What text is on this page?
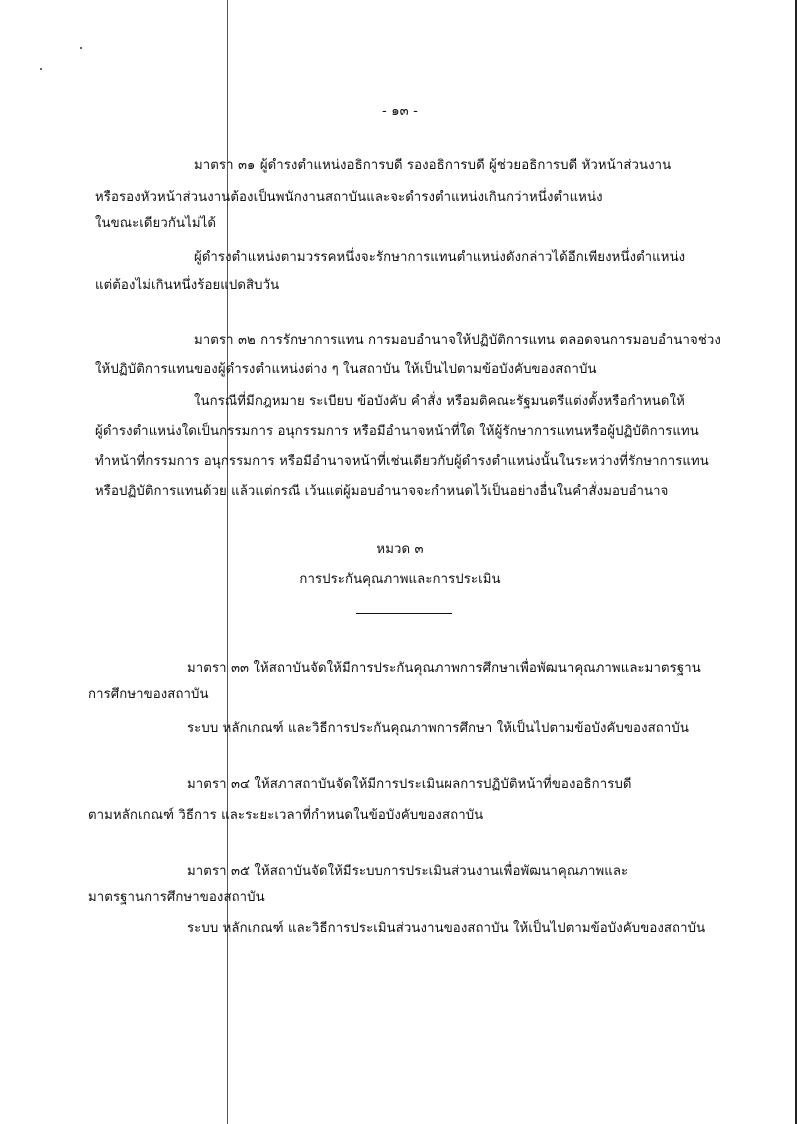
- ๑๓ -
มาตรา ๓๑ ผู้ดำรงตำแหน่งอธิการบดี รองอธิการบดี ผู้ช่วยอธิการบดี หัวหน้าส่วนงาน
หรือรองหัวหน้าส่วนงานต้องเป็นพนักงานสถาบันและจะดำรงตำแหน่งเกินกว่าหนึ่งตำแหน่ง
ในขณะเดียวกันไม่ได้
ผู้ดำรงตำแหน่งตามวรรคหนึ่งจะรักษาการแทนตำแหน่งดังกล่าวได้อีกเพียงหนึ่งตำแหน่ง
แต่ต้องไม่เกินหนึ่งร้อยแปดสิบวัน
มาตรา ๓๒ การรักษาการแทน การมอบอำนาจให้ปฏิบัติการแทน ตลอดจนการมอบอำนาจช่วง
ให้ปฏิบัติการแทนของผู้ดำรงตำแหน่งต่าง ๆ ในสถาบัน ให้เป็นไปตามข้อบังคับของสถาบัน
ในกรณีที่มีกฎหมาย ระเบียบ ข้อบังคับ คำสั่ง หรือมติคณะรัฐมนตรีแต่งตั้งหรือกำหนดให้
ผู้ดำรงตำแหน่งใดเป็นกรรมการ อนุกรรมการ หรือมีอำนาจหน้าที่ใด ให้ผู้รักษาการแทนหรือผู้ปฏิบัติการแทน
ทำหน้าที่กรรมการ อนุกรรมการ หรือมีอำนาจหน้าที่เช่นเดียวกับผู้ดำรงตำแหน่งนั้นในระหว่างที่รักษาการแทน
หรือปฏิบัติการแทนด้วย แล้วแต่กรณี เว้นแต่ผู้มอบอำนาจจะกำหนดไว้เป็นอย่างอื่นในคำสั่งมอบอำนาจ
หมวด ๓
การประกันคุณภาพและการประเมิน
มาตรา ๓๓ ให้สถาบันจัดให้มีการประกันคุณภาพการศึกษาเพื่อพัฒนาคุณภาพและมาตรฐาน
การศึกษาของสถาบัน
ระบบ หลักเกณฑ์ และวิธีการประกันคุณภาพการศึกษา ให้เป็นไปตามข้อบังคับของสถาบัน
มาตรา ๓๔ ให้สภาสถาบันจัดให้มีการประเมินผลการปฏิบัติหน้าที่ของอธิการบดี
ตามหลักเกณฑ์ วิธีการ และระยะเวลาที่กำหนดในข้อบังคับของสถาบัน
มาตรา ๓๕ ให้สถาบันจัดให้มีระบบการประเมินส่วนงานเพื่อพัฒนาคุณภาพและ
มาตรฐานการศึกษาของสถาบัน
ระบบ หลักเกณฑ์ และวิธีการประเมินส่วนงานของสถาบัน ให้เป็นไปตามข้อบังคับของสถาบัน
